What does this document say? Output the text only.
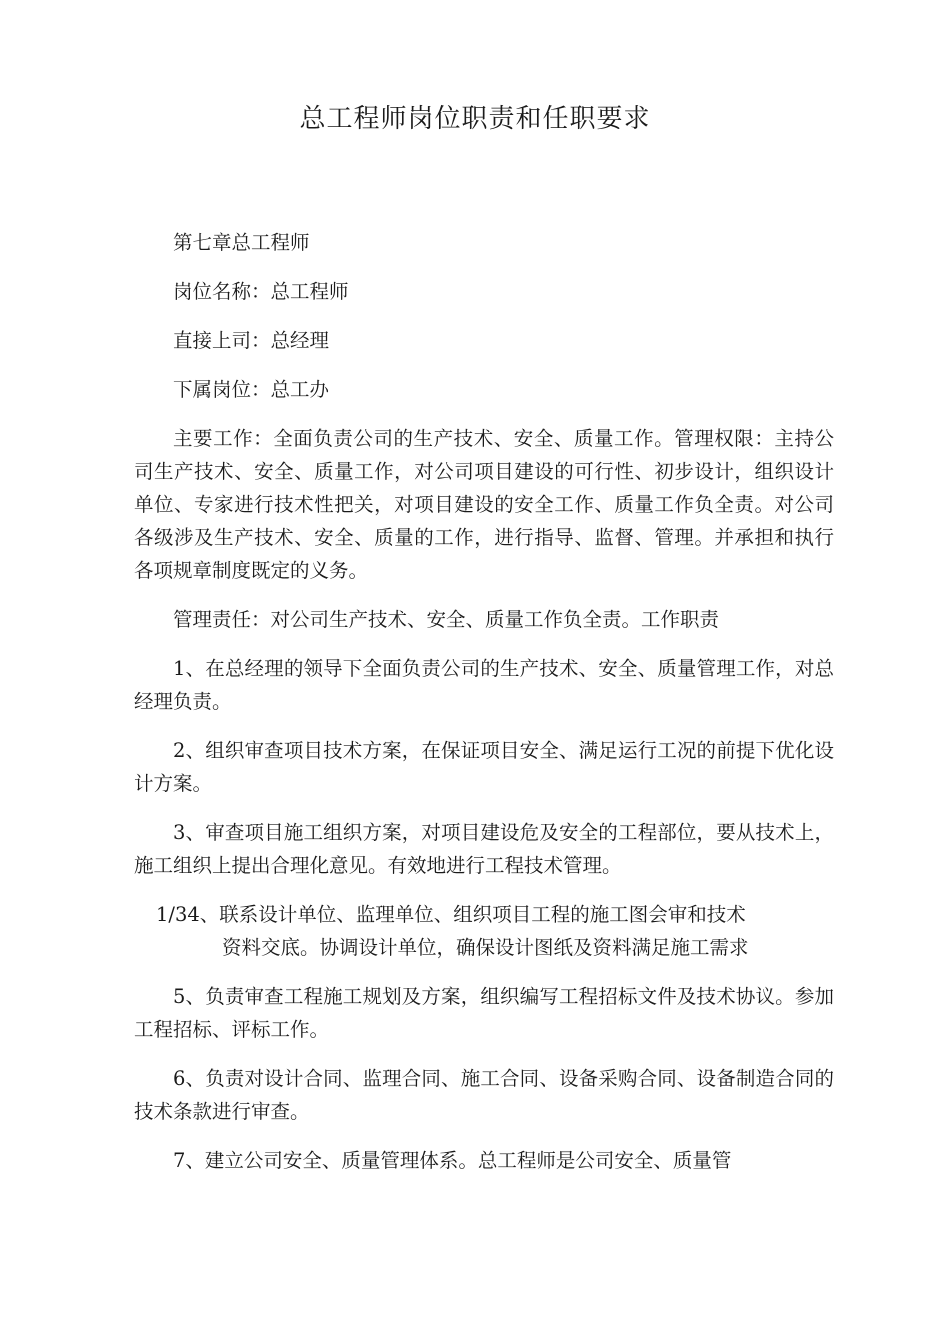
总工程师岗位职责和任职要求

第七章总工程师

岗位名称：总工程师

直接上司：总经理

下属岗位：总工办

主要工作：全面负责公司的生产技术、安全、质量工作。管理权限：主持公司生产技术、安全、质量工作，对公司项目建设的可行性、初步设计，组织设计单位、专家进行技术性把关，对项目建设的安全工作、质量工作负全责。对公司各级涉及生产技术、安全、质量的工作，进行指导、监督、管理。并承担和执行各项规章制度既定的义务。

管理责任：对公司生产技术、安全、质量工作负全责。工作职责

1、在总经理的领导下全面负责公司的生产技术、安全、质量管理工作，对总经理负责。

2、组织审查项目技术方案，在保证项目安全、满足运行工况的前提下优化设计方案。

3、审查项目施工组织方案，对项目建设危及安全的工程部位，要从技术上，施工组织上提出合理化意见。有效地进行工程技术管理。

1/34、联系设计单位、监理单位、组织项目工程的施工图会审和技术
资料交底。协调设计单位，确保设计图纸及资料满足施工需求

5、负责审查工程施工规划及方案，组织编写工程招标文件及技术协议。参加工程招标、评标工作。

6、负责对设计合同、监理合同、施工合同、设备采购合同、设备制造合同的技术条款进行审查。

7、建立公司安全、质量管理体系。总工程师是公司安全、质量管
